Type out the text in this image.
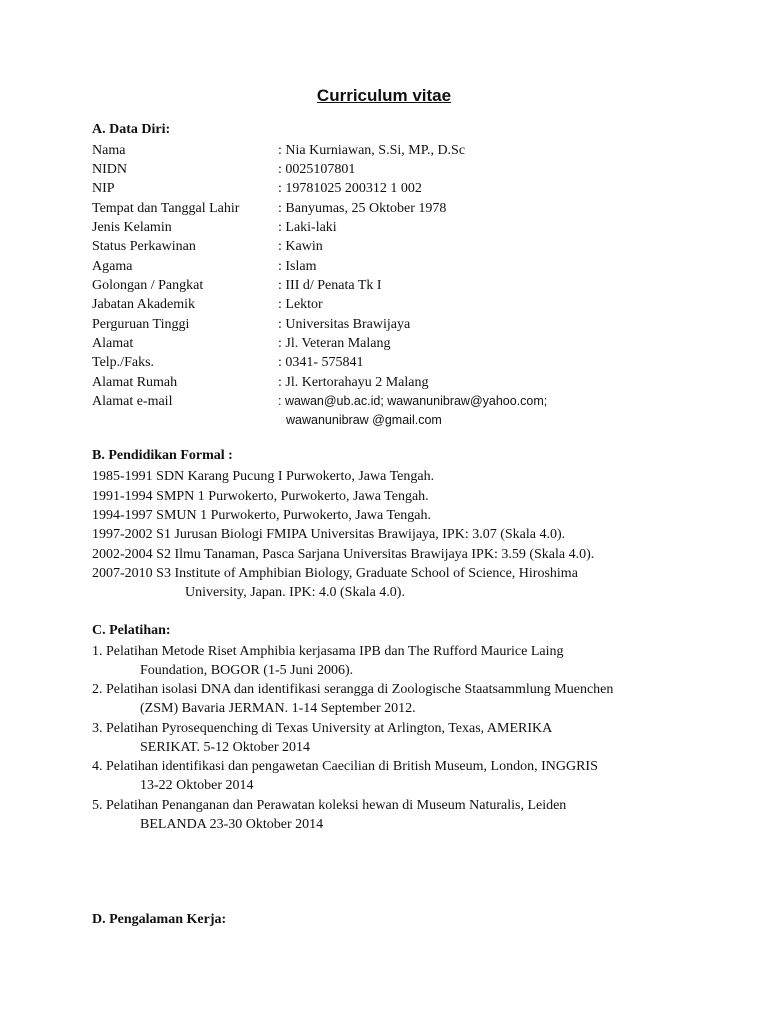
Curriculum vitae
A. Data Diri:
Nama	: Nia Kurniawan, S.Si, MP., D.Sc
NIDN	: 0025107801
NIP	: 19781025 200312 1 002
Tempat dan Tanggal Lahir	: Banyumas, 25 Oktober 1978
Jenis Kelamin	: Laki-laki
Status Perkawinan	: Kawin
Agama	: Islam
Golongan / Pangkat	: III d/ Penata Tk I
Jabatan Akademik	: Lektor
Perguruan Tinggi	: Universitas Brawijaya
Alamat	: Jl. Veteran Malang
Telp./Faks.	: 0341- 575841
Alamat Rumah	: Jl. Kertorahayu 2 Malang
Alamat e-mail	: wawan@ub.ac.id; wawanunibraw@yahoo.com;
wawanunibraw @gmail.com
B. Pendidikan Formal :
1985-1991 SDN Karang Pucung I Purwokerto, Jawa Tengah.
1991-1994 SMPN 1 Purwokerto, Purwokerto, Jawa Tengah.
1994-1997 SMUN 1 Purwokerto, Purwokerto, Jawa Tengah.
1997-2002 S1 Jurusan Biologi FMIPA Universitas Brawijaya, IPK: 3.07 (Skala 4.0).
2002-2004 S2 Ilmu Tanaman, Pasca Sarjana Universitas Brawijaya IPK: 3.59 (Skala 4.0).
2007-2010 S3 Institute of Amphibian Biology, Graduate School of Science, Hiroshima
University, Japan. IPK: 4.0 (Skala 4.0).
C. Pelatihan:
1. Pelatihan Metode Riset Amphibia kerjasama IPB dan The Rufford Maurice Laing
Foundation, BOGOR (1-5 Juni 2006).
2. Pelatihan isolasi DNA dan identifikasi serangga di Zoologische Staatsammlung Muenchen
(ZSM) Bavaria JERMAN. 1-14 September 2012.
3. Pelatihan Pyrosequenching di Texas University at Arlington, Texas, AMERIKA
SERIKAT. 5-12 Oktober 2014
4. Pelatihan identifikasi dan pengawetan Caecilian di British Museum, London, INGGRIS
13-22 Oktober 2014
5. Pelatihan Penanganan dan Perawatan koleksi hewan di Museum Naturalis, Leiden
BELANDA 23-30 Oktober 2014
D. Pengalaman Kerja:
